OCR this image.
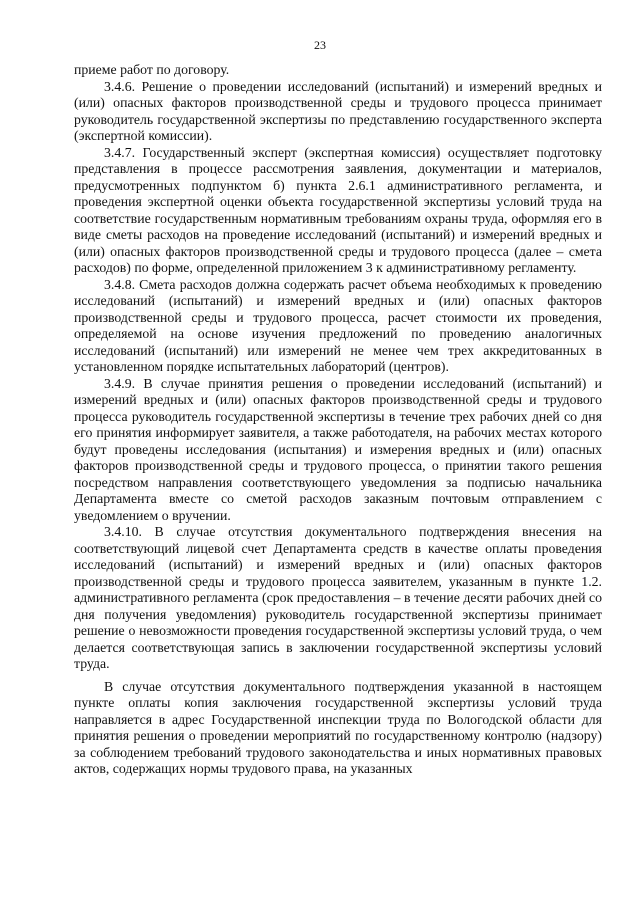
23

приеме работ по договору.

3.4.6. Решение о проведении исследований (испытаний) и измерений вредных и (или) опасных факторов производственной среды и трудового процесса принимает руководитель государственной экспертизы по представлению государственного эксперта (экспертной комиссии).

3.4.7. Государственный эксперт (экспертная комиссия) осуществляет подготовку представления в процессе рассмотрения заявления, документации и материалов, предусмотренных подпунктом б) пункта 2.6.1 административного регламента, и проведения экспертной оценки объекта государственной экспертизы условий труда на соответствие государственным нормативным требованиям охраны труда, оформляя его в виде сметы расходов на проведение исследований (испытаний) и измерений вредных и (или) опасных факторов производственной среды и трудового процесса (далее – смета расходов) по форме, определенной приложением 3 к административному регламенту.

3.4.8. Смета расходов должна содержать расчет объема необходимых к проведению исследований (испытаний) и измерений вредных и (или) опасных факторов производственной среды и трудового процесса, расчет стоимости их проведения, определяемой на основе изучения предложений по проведению аналогичных исследований (испытаний) или измерений не менее чем трех аккредитованных в установленном порядке испытательных лабораторий (центров).

3.4.9. В случае принятия решения о проведении исследований (испытаний) и измерений вредных и (или) опасных факторов производственной среды и трудового процесса руководитель государственной экспертизы в течение трех рабочих дней со дня его принятия информирует заявителя, а также работодателя, на рабочих местах которого будут проведены исследования (испытания) и измерения вредных и (или) опасных факторов производственной среды и трудового процесса, о принятии такого решения посредством направления соответствующего уведомления за подписью начальника Департамента вместе со сметой расходов заказным почтовым отправлением с уведомлением о вручении.

3.4.10. В случае отсутствия документального подтверждения внесения на соответствующий лицевой счет Департамента средств в качестве оплаты проведения исследований (испытаний) и измерений вредных и (или) опасных факторов производственной среды и трудового процесса заявителем, указанным в пункте 1.2. административного регламента (срок предоставления – в течение десяти рабочих дней со дня получения уведомления) руководитель государственной экспертизы принимает решение о невозможности проведения государственной экспертизы условий труда, о чем делается соответствующая запись в заключении государственной экспертизы условий труда.

В случае отсутствия документального подтверждения указанной в настоящем пункте оплаты копия заключения государственной экспертизы условий труда направляется в адрес Государственной инспекции труда по Вологодской области для принятия решения о проведении мероприятий по государственному контролю (надзору) за соблюдением требований трудового законодательства и иных нормативных правовых актов, содержащих нормы трудового права, на указанных
